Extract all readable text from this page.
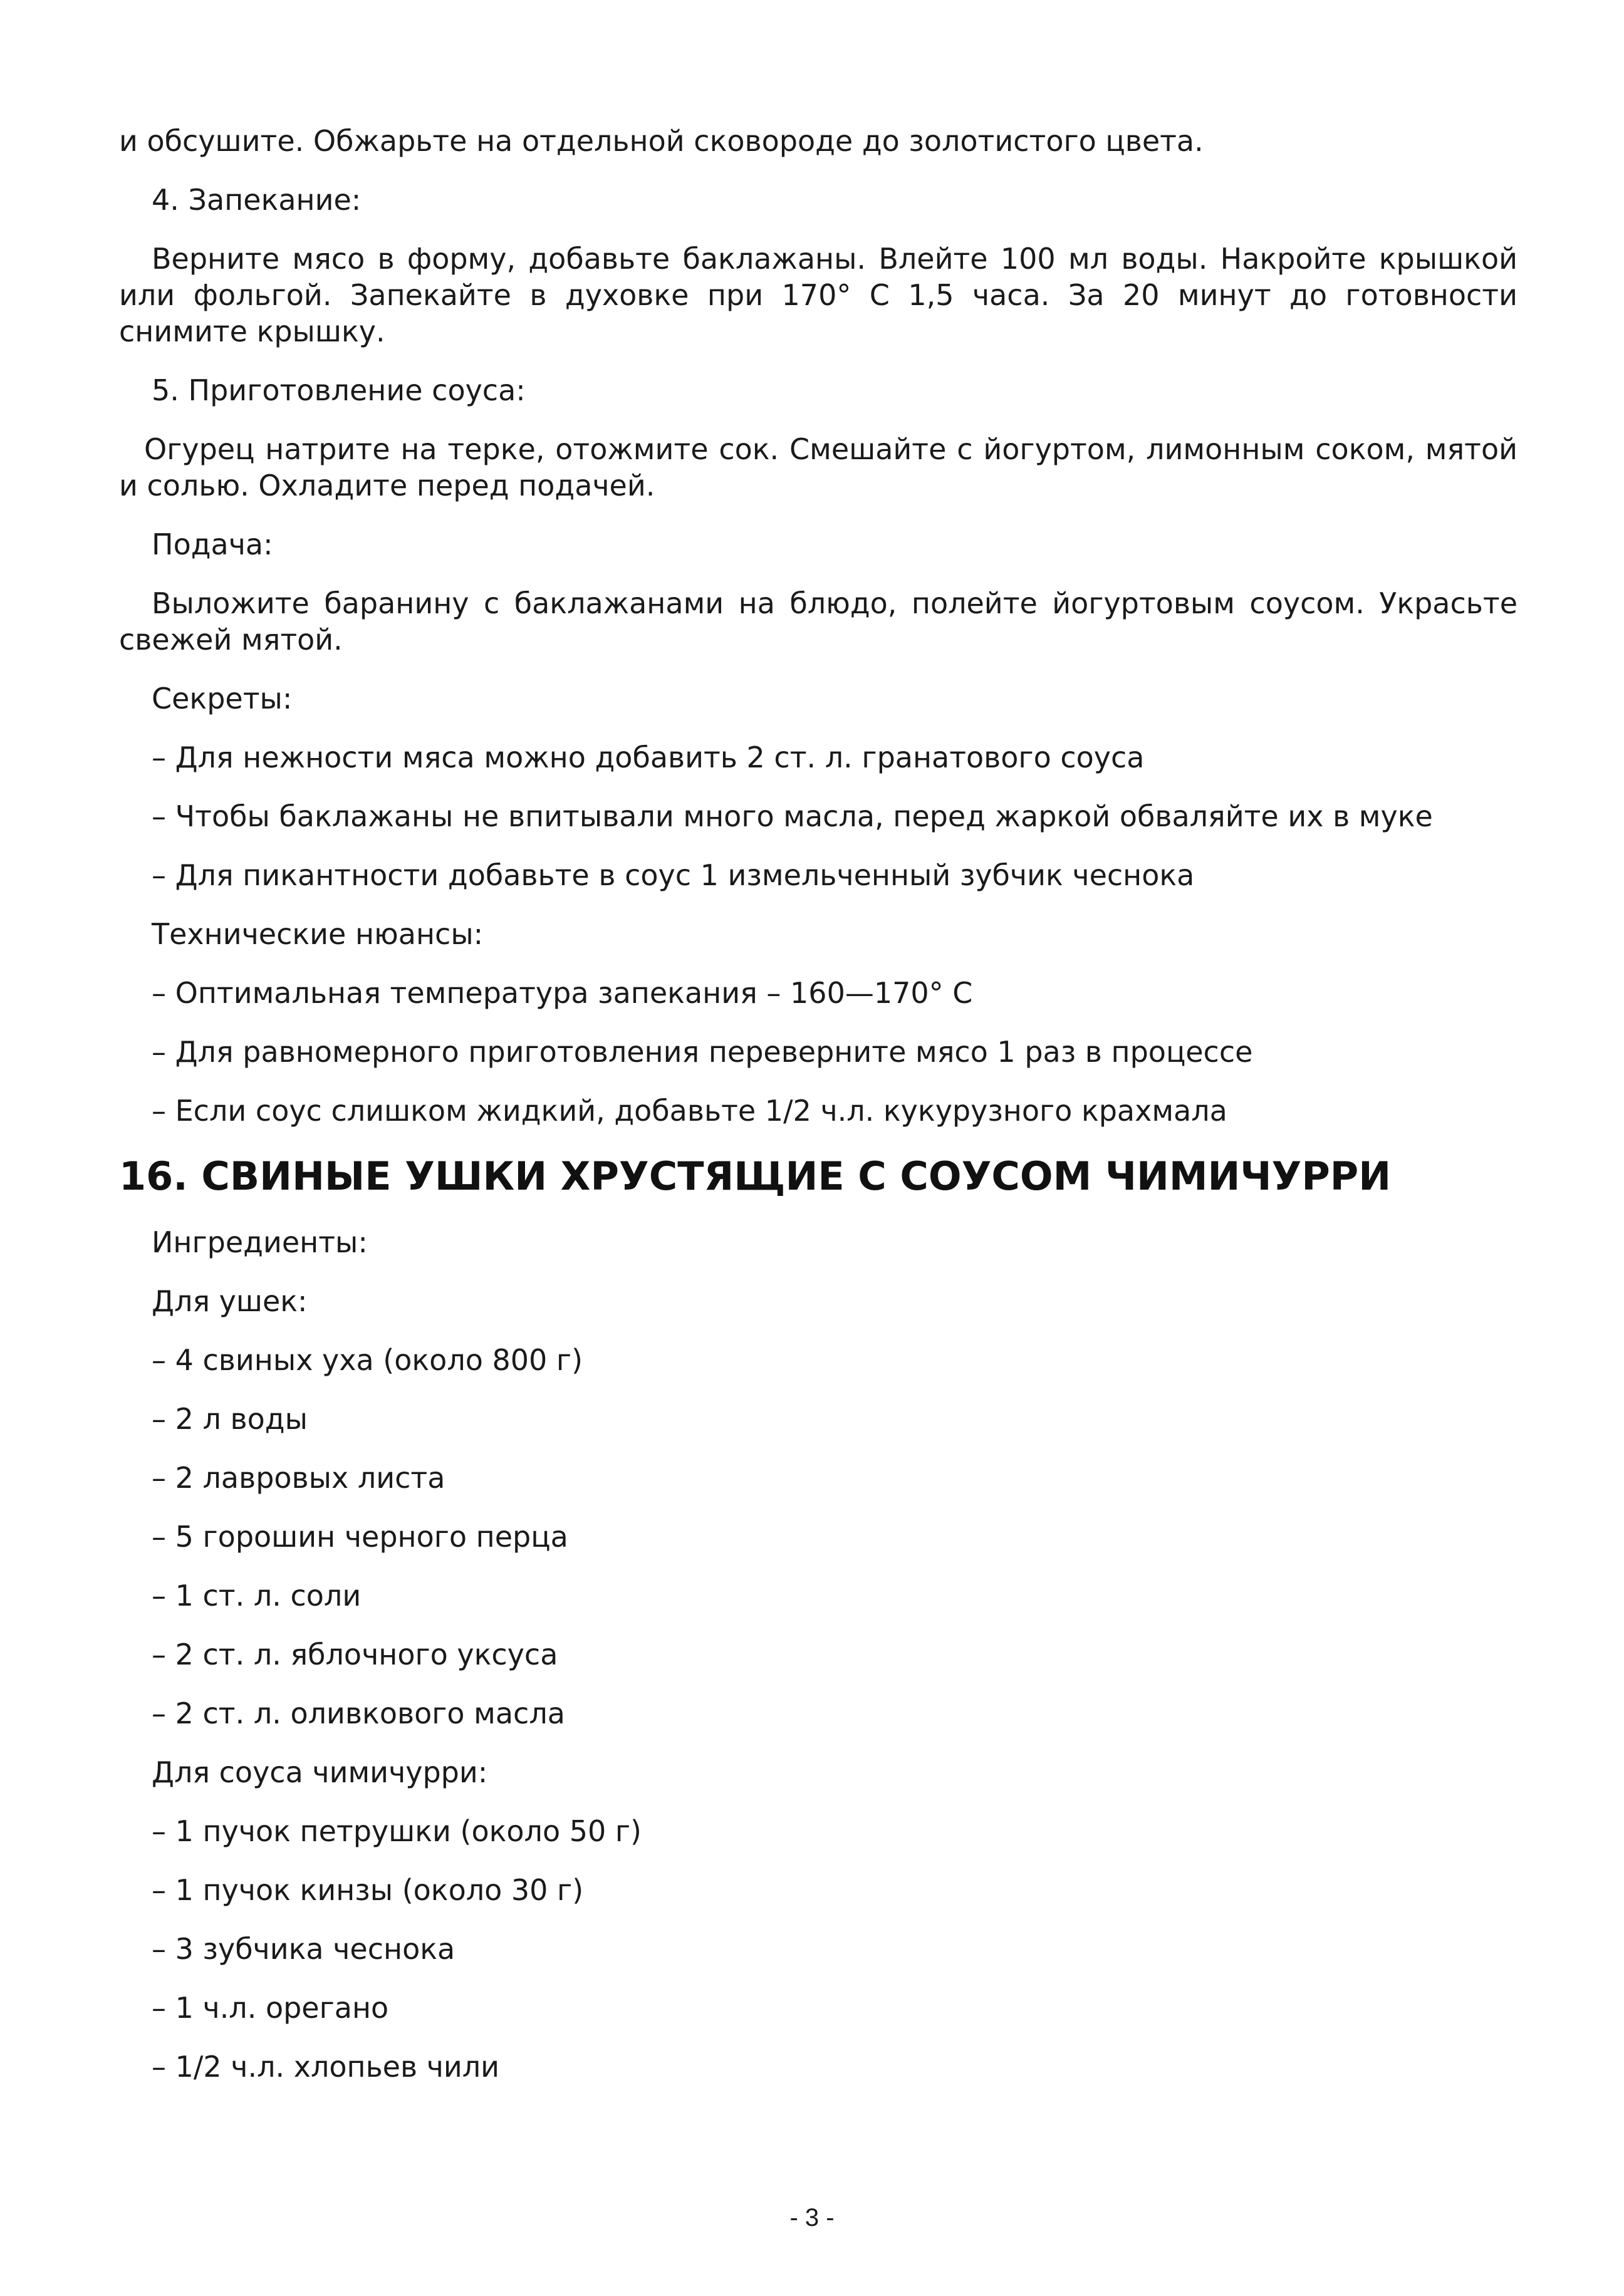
и обсушите. Обжарьте на отдельной сковороде до золотистого цвета.
4. Запекание:
Верните мясо в форму, добавьте баклажаны. Влейте 100 мл воды. Накройте крышкой или фольгой. Запекайте в духовке при 170° С 1,5 часа. За 20 минут до готовности снимите крышку.
5. Приготовление соуса:
Огурец натрите на терке, отожмите сок. Смешайте с йогуртом, лимонным соком, мятой и солью. Охладите перед подачей.
Подача:
Выложите баранину с баклажанами на блюдо, полейте йогуртовым соусом. Украсьте свежей мятой.
Секреты:
– Для нежности мяса можно добавить 2 ст. л. гранатового соуса
– Чтобы баклажаны не впитывали много масла, перед жаркой обваляйте их в муке
– Для пикантности добавьте в соус 1 измельченный зубчик чеснока
Технические нюансы:
– Оптимальная температура запекания – 160—170° С
– Для равномерного приготовления переверните мясо 1 раз в процессе
– Если соус слишком жидкий, добавьте 1/2 ч.л. кукурузного крахмала
16. СВИНЫЕ УШКИ ХРУСТЯЩИЕ С СОУСОМ ЧИМИЧУРРИ
Ингредиенты:
Для ушек:
– 4 свиных уха (около 800 г)
– 2 л воды
– 2 лавровых листа
– 5 горошин черного перца
– 1 ст. л. соли
– 2 ст. л. яблочного уксуса
– 2 ст. л. оливкового масла
Для соуса чимичурри:
– 1 пучок петрушки (около 50 г)
– 1 пучок кинзы (около 30 г)
– 3 зубчика чеснока
– 1 ч.л. орегано
– 1/2 ч.л. хлопьев чили
- 3 -
